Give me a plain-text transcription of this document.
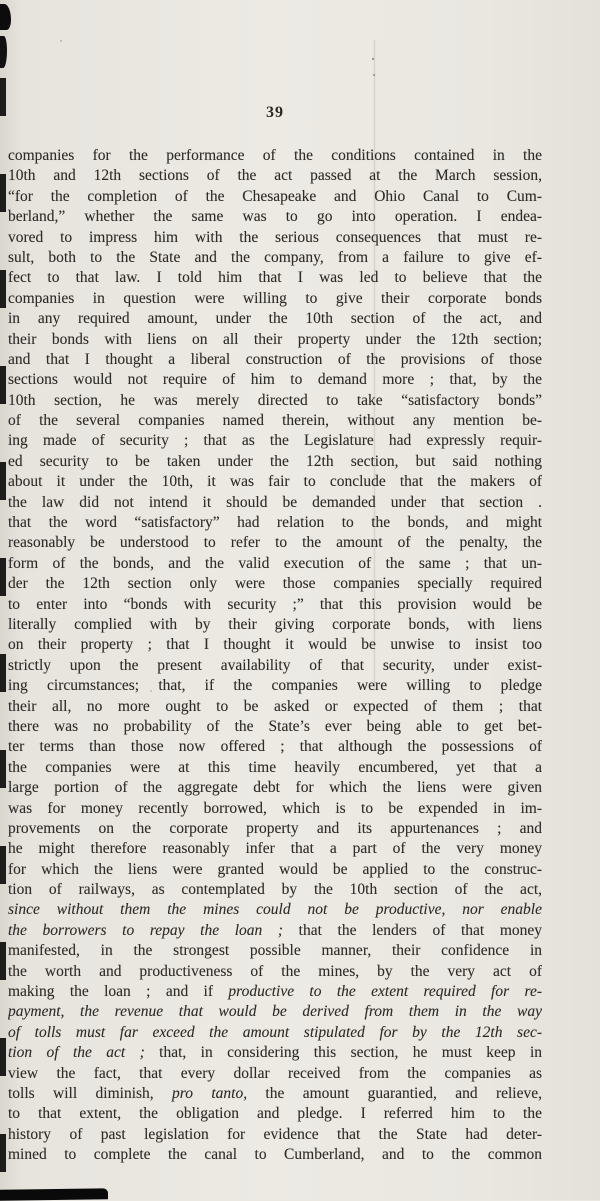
39
companies for the performance of the conditions contained in the
10th and 12th sections of the act passed at the March session,
“for the completion of the Chesapeake and Ohio Canal to Cum-
berland,” whether the same was to go into operation. I endea-
vored to impress him with the serious consequences that must re-
sult, both to the State and the company, from a failure to give ef-
fect to that law. I told him that I was led to believe that the
companies in question were willing to give their corporate bonds
in any required amount, under the 10th section of the act, and
their bonds with liens on all their property under the 12th section;
and that I thought a liberal construction of the provisions of those
sections would not require of him to demand more ; that, by the
10th section, he was merely directed to take “satisfactory bonds”
of the several companies named therein, without any mention be-
ing made of security ; that as the Legislature had expressly requir-
ed security to be taken under the 12th section, but said nothing
about it under the 10th, it was fair to conclude that the makers of
the law did not intend it should be demanded under that section .
that the word “satisfactory” had relation to the bonds, and might
reasonably be understood to refer to the amount of the penalty, the
form of the bonds, and the valid execution of the same ; that un-
der the 12th section only were those companies specially required
to enter into “bonds with security ;” that this provision would be
literally complied with by their giving corporate bonds, with liens
on their property ; that I thought it would be unwise to insist too
strictly upon the present availability of that security, under exist-
ing circumstances; that, if the companies were willing to pledge
their all, no more ought to be asked or expected of them ; that
there was no probability of the State’s ever being able to get bet-
ter terms than those now offered ; that although the possessions of
the companies were at this time heavily encumbered, yet that a
large portion of the aggregate debt for which the liens were given
was for money recently borrowed, which is to be expended in im-
provements on the corporate property and its appurtenances ; and
he might therefore reasonably infer that a part of the very money
for which the liens were granted would be applied to the construc-
tion of railways, as contemplated by the 10th section of the act,
since without them the mines could not be productive, nor enable
the borrowers to repay the loan ; that the lenders of that money
manifested, in the strongest possible manner, their confidence in
the worth and productiveness of the mines, by the very act of
making the loan ; and if productive to the extent required for re-
payment, the revenue that would be derived from them in the way
of tolls must far exceed the amount stipulated for by the 12th sec-
tion of the act ; that, in considering this section, he must keep in
view the fact, that every dollar received from the companies as
tolls will diminish, pro tanto, the amount guarantied, and relieve,
to that extent, the obligation and pledge. I referred him to the
history of past legislation for evidence that the State had deter-
mined to complete the canal to Cumberland, and to the common
